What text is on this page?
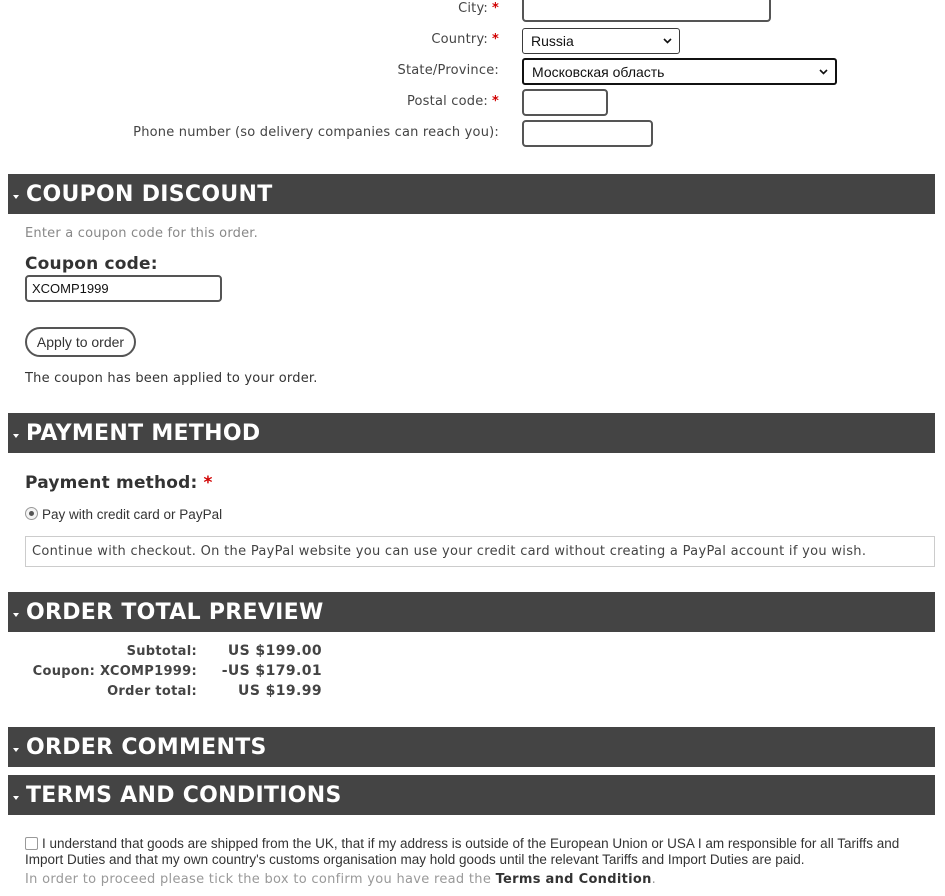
City: *
Country: * Russia
State/Province: Московская область
Postal code: *
Phone number (so delivery companies can reach you):
COUPON DISCOUNT
Enter a coupon code for this order.
Coupon code:
XCOMP1999
Apply to order
The coupon has been applied to your order.
PAYMENT METHOD
Payment method: *
Pay with credit card or PayPal
Continue with checkout. On the PayPal website you can use your credit card without creating a PayPal account if you wish.
ORDER TOTAL PREVIEW
Subtotal: US $199.00
Coupon: XCOMP1999: -US $179.01
Order total:	US $19.99
ORDER COMMENTS
TERMS AND CONDITIONS
I understand that goods are shipped from the UK, that if my address is outside of the European Union or USA I am responsible for all Tariffs and Import Duties and that my own country's customs organisation may hold goods until the relevant Tariffs and Import Duties are paid.
In order to proceed please tick the box to confirm you have read the Terms and Condition.
